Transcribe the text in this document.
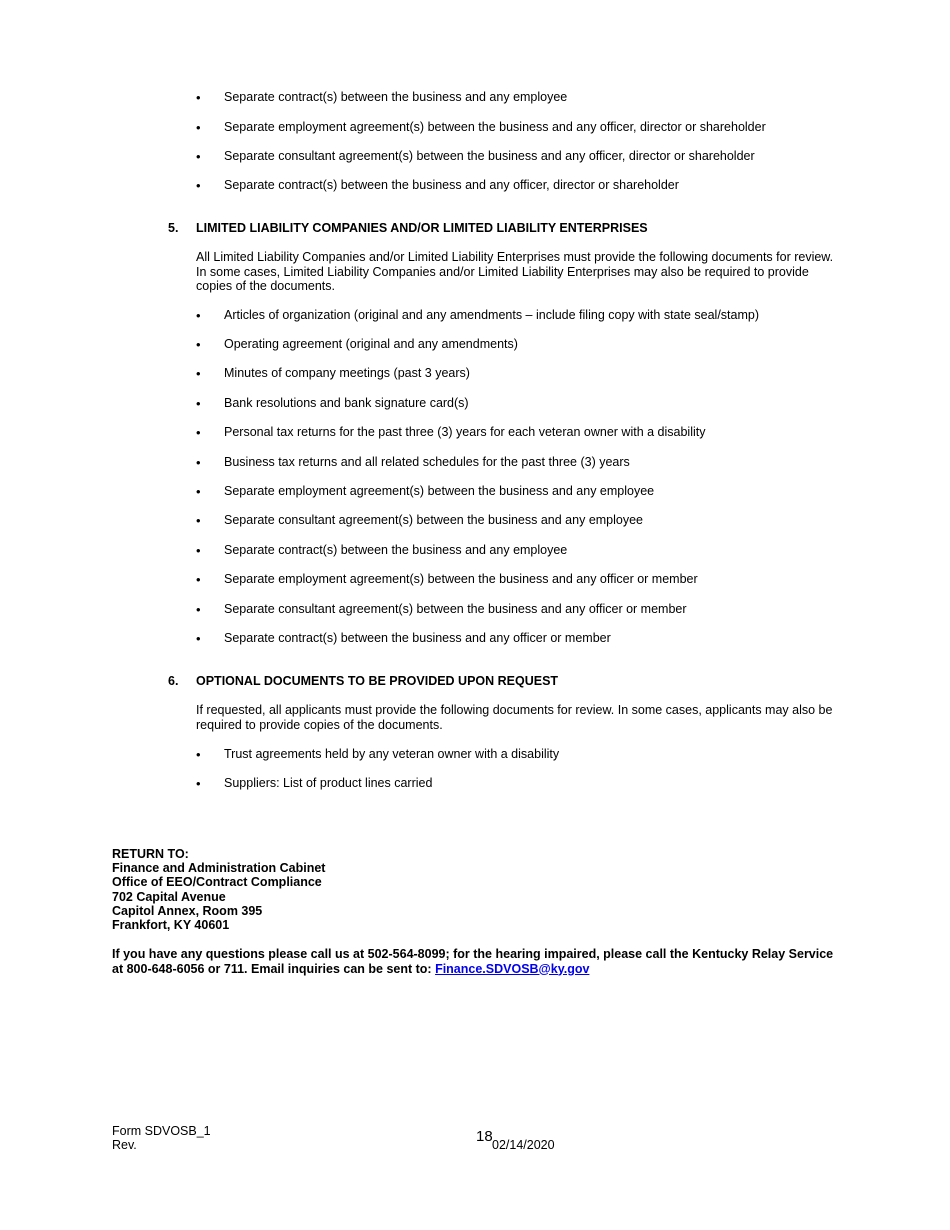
• Separate contract(s) between the business and any employee
• Separate employment agreement(s) between the business and any officer, director or shareholder
• Separate consultant agreement(s) between the business and any officer, director or shareholder
• Separate contract(s) between the business and any officer, director or shareholder
5. LIMITED LIABILITY COMPANIES AND/OR LIMITED LIABILITY ENTERPRISES

All Limited Liability Companies and/or Limited Liability Enterprises must provide the following documents for review. In some cases, Limited Liability Companies and/or Limited Liability Enterprises may also be required to provide copies of the documents.

• Articles of organization (original and any amendments – include filing copy with state seal/stamp)
• Operating agreement (original and any amendments)
• Minutes of company meetings (past 3 years)
• Bank resolutions and bank signature card(s)
• Personal tax returns for the past three (3) years for each veteran owner with a disability
• Business tax returns and all related schedules for the past three (3) years
• Separate employment agreement(s) between the business and any employee
• Separate consultant agreement(s) between the business and any employee
• Separate contract(s) between the business and any employee
• Separate employment agreement(s) between the business and any officer or member
• Separate consultant agreement(s) between the business and any officer or member
• Separate contract(s) between the business and any officer or member
6. OPTIONAL DOCUMENTS TO BE PROVIDED UPON REQUEST

If requested, all applicants must provide the following documents for review. In some cases, applicants may also be required to provide copies of the documents.

• Trust agreements held by any veteran owner with a disability
• Suppliers: List of product lines carried
RETURN TO:
Finance and Administration Cabinet
Office of EEO/Contract Compliance
702 Capital Avenue
Capitol Annex, Room 395
Frankfort, KY 40601

If you have any questions please call us at 502-564-8099; for the hearing impaired, please call the Kentucky Relay Service at 800-648-6056 or 711. Email inquiries can be sent to: Finance.SDVOSB@ky.gov

Form SDVOSB_1
Rev.	18 02/14/2020
